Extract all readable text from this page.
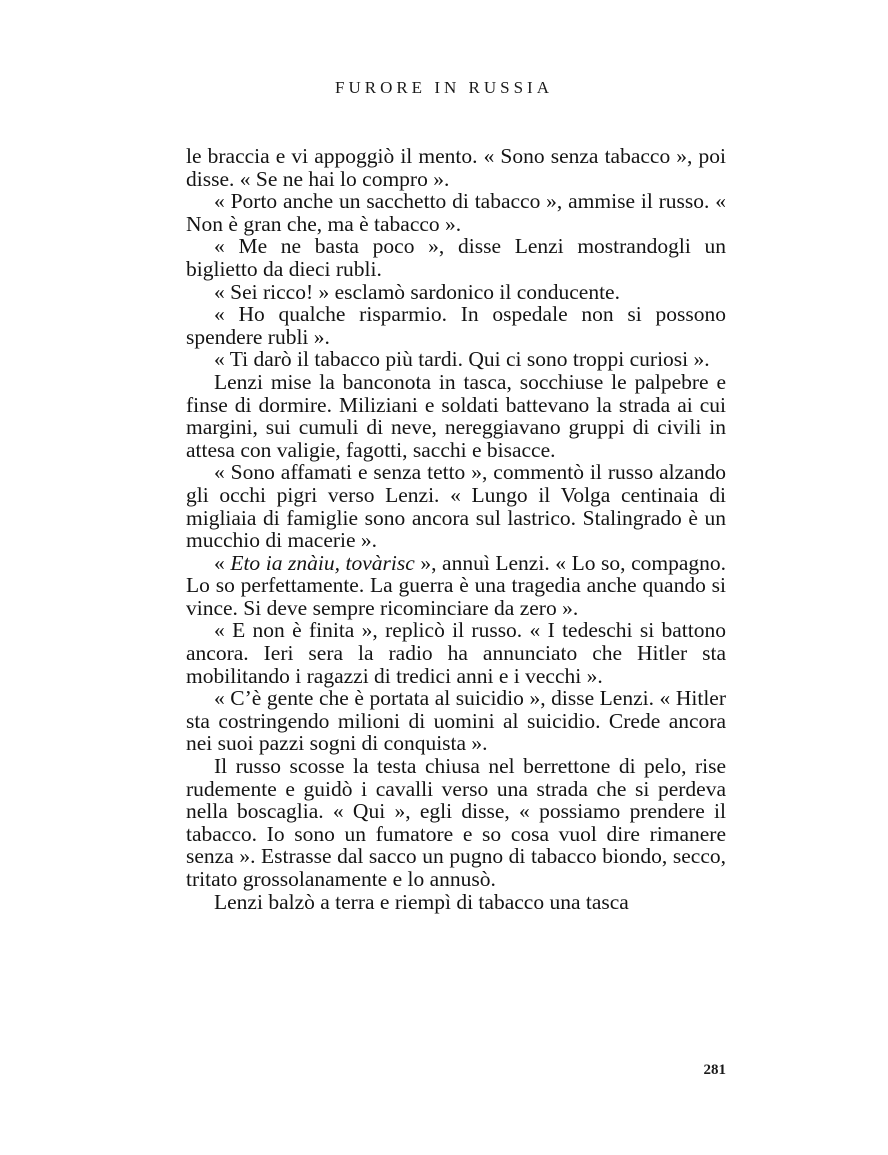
FURORE IN RUSSIA

le braccia e vi appoggiò il mento. « Sono senza tabacco », poi disse. « Se ne hai lo compro ».

« Porto anche un sacchetto di tabacco », ammise il russo. « Non è gran che, ma è tabacco ».

« Me ne basta poco », disse Lenzi mostrandogli un biglietto da dieci rubli.

« Sei ricco! » esclamò sardonico il conducente.

« Ho qualche risparmio. In ospedale non si possono spendere rubli ».

« Ti darò il tabacco più tardi. Qui ci sono troppi curiosi ».

Lenzi mise la banconota in tasca, socchiuse le palpebre e finse di dormire. Miliziani e soldati battevano la strada ai cui margini, sui cumuli di neve, nereggiavano gruppi di civili in attesa con valigie, fagotti, sacchi e bisacce.

« Sono affamati e senza tetto », commentò il russo alzando gli occhi pigri verso Lenzi. « Lungo il Volga centinaia di migliaia di famiglie sono ancora sul lastrico. Stalingrado è un mucchio di macerie ».

« Eto ia znàiu, tovàrisc », annuì Lenzi. « Lo so, compagno. Lo so perfettamente. La guerra è una tragedia anche quando si vince. Si deve sempre ricominciare da zero ».

« E non è finita », replicò il russo. « I tedeschi si battono ancora. Ieri sera la radio ha annunciato che Hitler sta mobilitando i ragazzi di tredici anni e i vecchi ».

« C’è gente che è portata al suicidio », disse Lenzi. « Hitler sta costringendo milioni di uomini al suicidio. Crede ancora nei suoi pazzi sogni di conquista ».

Il russo scosse la testa chiusa nel berrettone di pelo, rise rudemente e guidò i cavalli verso una strada che si perdeva nella boscaglia. « Qui », egli disse, « possiamo prendere il tabacco. Io sono un fumatore e so cosa vuol dire rimanere senza ». Estrasse dal sacco un pugno di tabacco biondo, secco, tritato grossolanamente e lo annusò.

Lenzi balzò a terra e riempì di tabacco una tasca

281
